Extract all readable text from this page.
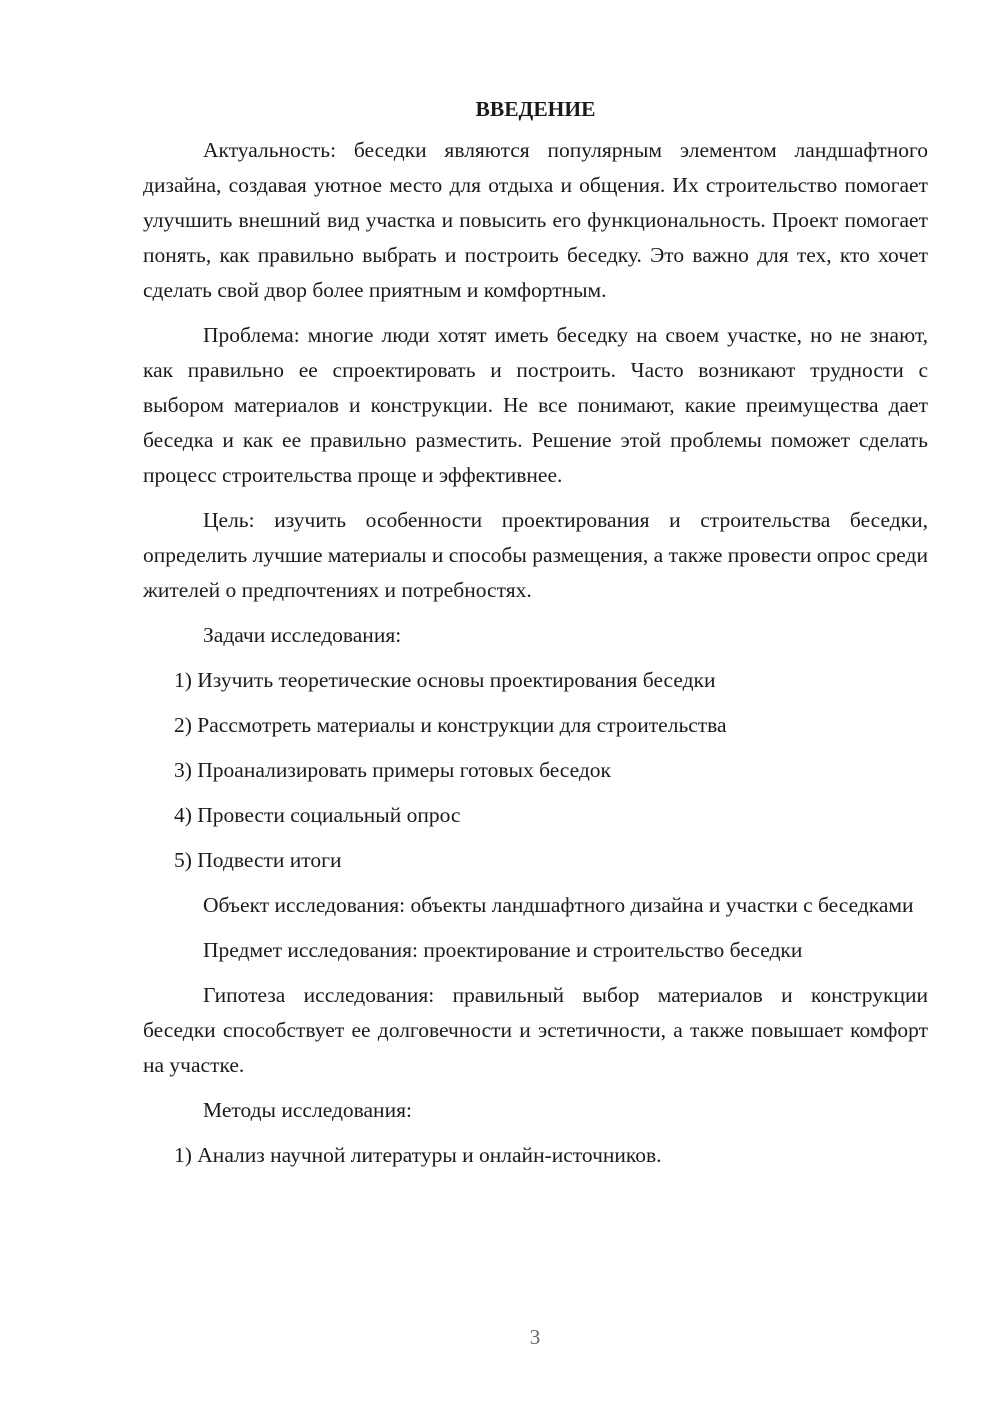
ВВЕДЕНИЕ

Актуальность: беседки являются популярным элементом ландшафтного дизайна, создавая уютное место для отдыха и общения. Их строительство помогает улучшить внешний вид участка и повысить его функциональность. Проект помогает понять, как правильно выбрать и построить беседку. Это важно для тех, кто хочет сделать свой двор более приятным и комфортным.

Проблема: многие люди хотят иметь беседку на своем участке, но не знают, как правильно ее спроектировать и построить. Часто возникают трудности с выбором материалов и конструкции. Не все понимают, какие преимущества дает беседка и как ее правильно разместить. Решение этой проблемы поможет сделать процесс строительства проще и эффективнее.

Цель: изучить особенности проектирования и строительства беседки, определить лучшие материалы и способы размещения, а также провести опрос среди жителей о предпочтениях и потребностях.

Задачи исследования:

1) Изучить теоретические основы проектирования беседки
2) Рассмотреть материалы и конструкции для строительства
3) Проанализировать примеры готовых беседок
4) Провести социальный опрос
5) Подвести итоги

Объект исследования: объекты ландшафтного дизайна и участки с беседками

Предмет исследования: проектирование и строительство беседки

Гипотеза исследования: правильный выбор материалов и конструкции беседки способствует ее долговечности и эстетичности, а также повышает комфорт на участке.

Методы исследования:

1) Анализ научной литературы и онлайн-источников.
3
